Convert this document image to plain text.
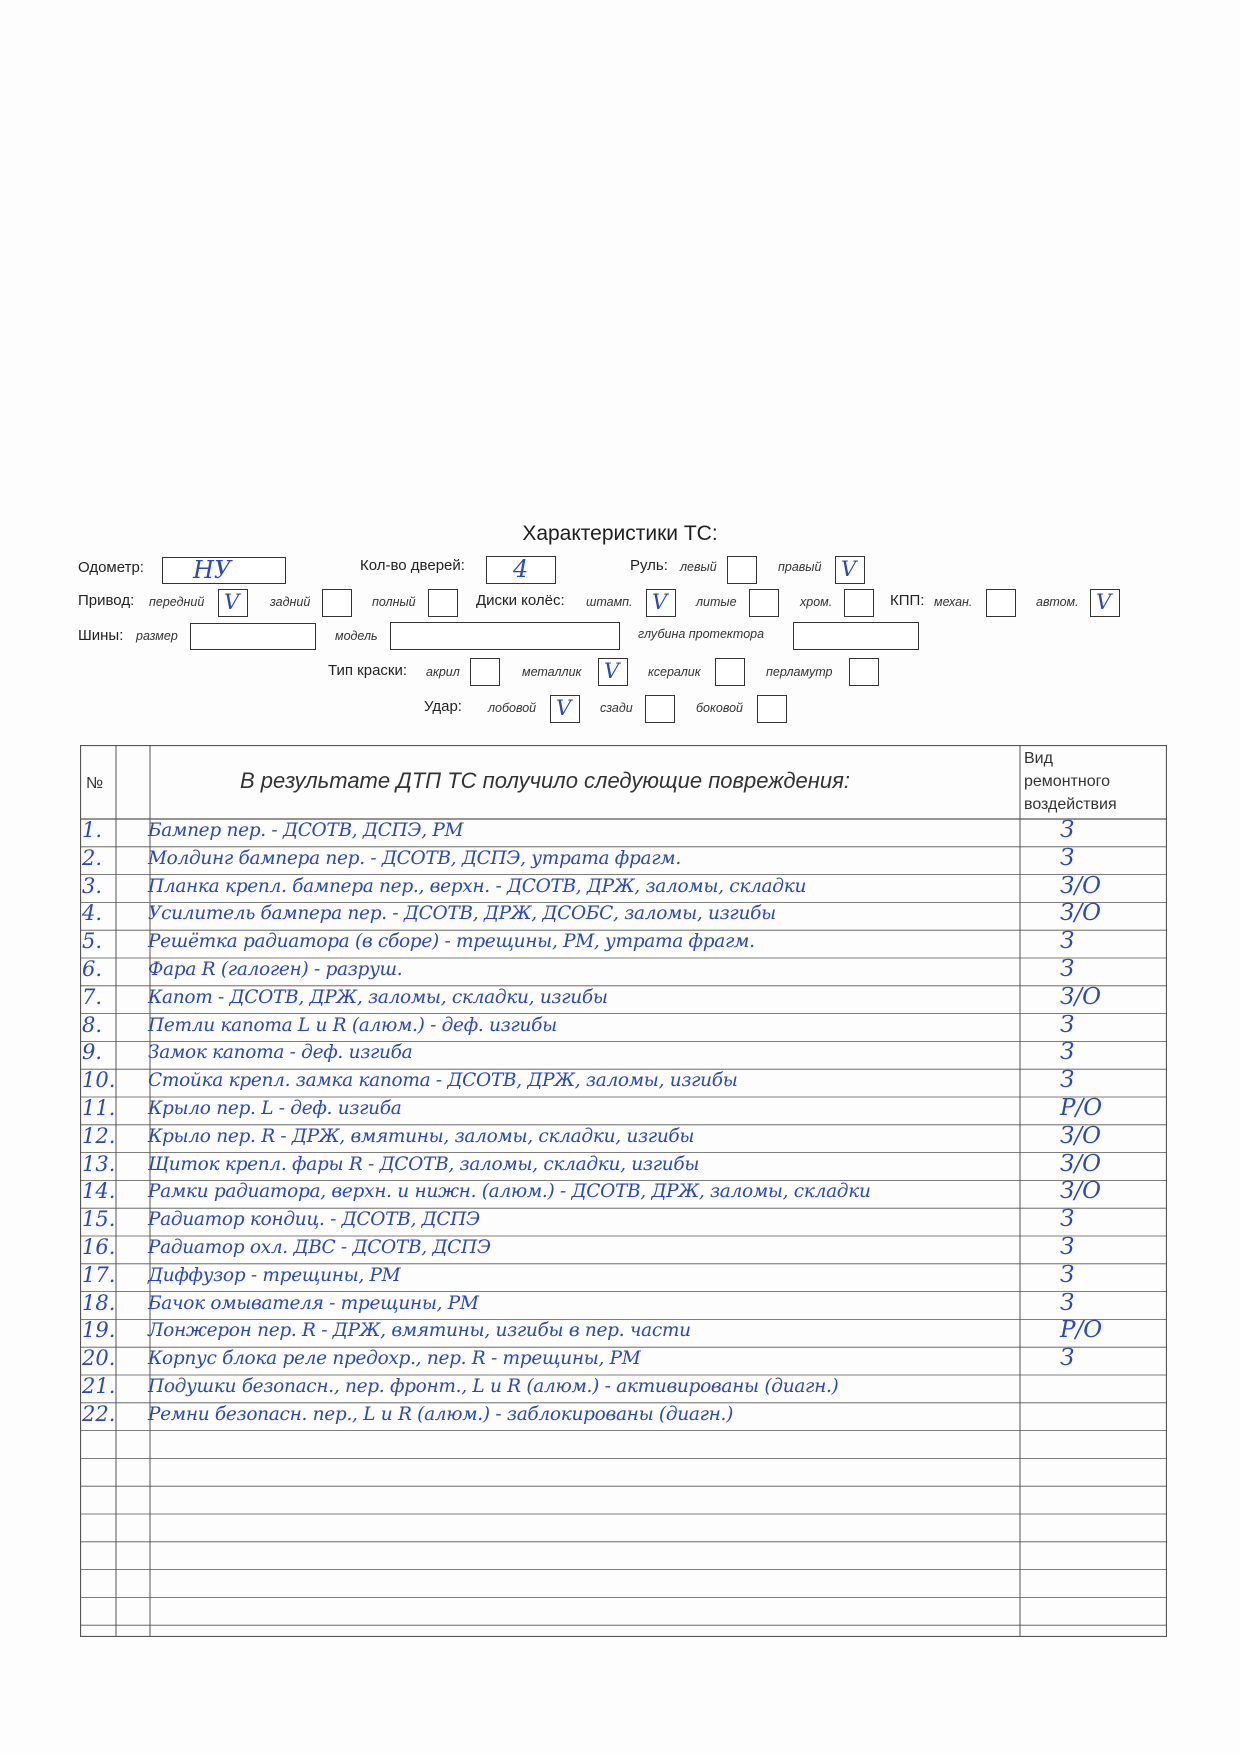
Характеристики ТС:
Одометр: НУ	Кол-во дверей: 4	Руль: левый	правый V
Привод: передний V задний	полный	Диски колёс: штамп. V литые	хром.	КПП: механ.	автом. V
Шины: размер	модель	глубина протектора
Тип краски: акрил	металлик V ксералик	перламутр
Удар: лобовой V сзади	боковой
№	В результате ДТП ТС получило следующие повреждения:
Вид
ремонтного
воздействия
1. Бампер пер. - ДСОТВ, ДСПЭ, РМ	З
2. Молдинг бампера пер. - ДСОТВ, ДСПЭ, утрата фрагм.	З
3. Планка крепл. бампера пер., верхн. - ДСОТВ, ДРЖ, заломы, складки	З/О
4. Усилитель бампера пер. - ДСОТВ, ДРЖ, ДСОБС, заломы, изгибы	З/О
5. Решётка радиатора (в сборе) - трещины, РМ, утрата фрагм.	З
6. Фара R (галоген) - разруш.	З
7. Капот - ДСОТВ, ДРЖ, заломы, складки, изгибы	З/О
8. Петли капота L и R (алюм.) - деф. изгибы	З
9. Замок капота - деф. изгиба	З
10. Стойка крепл. замка капота - ДСОТВ, ДРЖ, заломы, изгибы	З
11. Крыло пер. L - деф. изгиба	Р/О
12. Крыло пер. R - ДРЖ, вмятины, заломы, складки, изгибы	З/О
13. Щиток крепл. фары R - ДСОТВ, заломы, складки, изгибы	З/О
14. Рамки радиатора, верхн. и нижн. (алюм.) - ДСОТВ, ДРЖ, заломы, складки	З/О
15. Радиатор кондиц. - ДСОТВ, ДСПЭ	З
16. Радиатор охл. ДВС - ДСОТВ, ДСПЭ	З
17. Диффузор - трещины, РМ	З
18. Бачок омывателя - трещины, РМ	З
19. Лонжерон пер. R - ДРЖ, вмятины, изгибы в пер. части	Р/О
20. Корпус блока реле предохр., пер. R - трещины, РМ	З
21. Подушки безопасн., пер. фронт., L и R (алюм.) - активированы (диагн.)
22. Ремни безопасн. пер., L и R (алюм.) - заблокированы (диагн.)
